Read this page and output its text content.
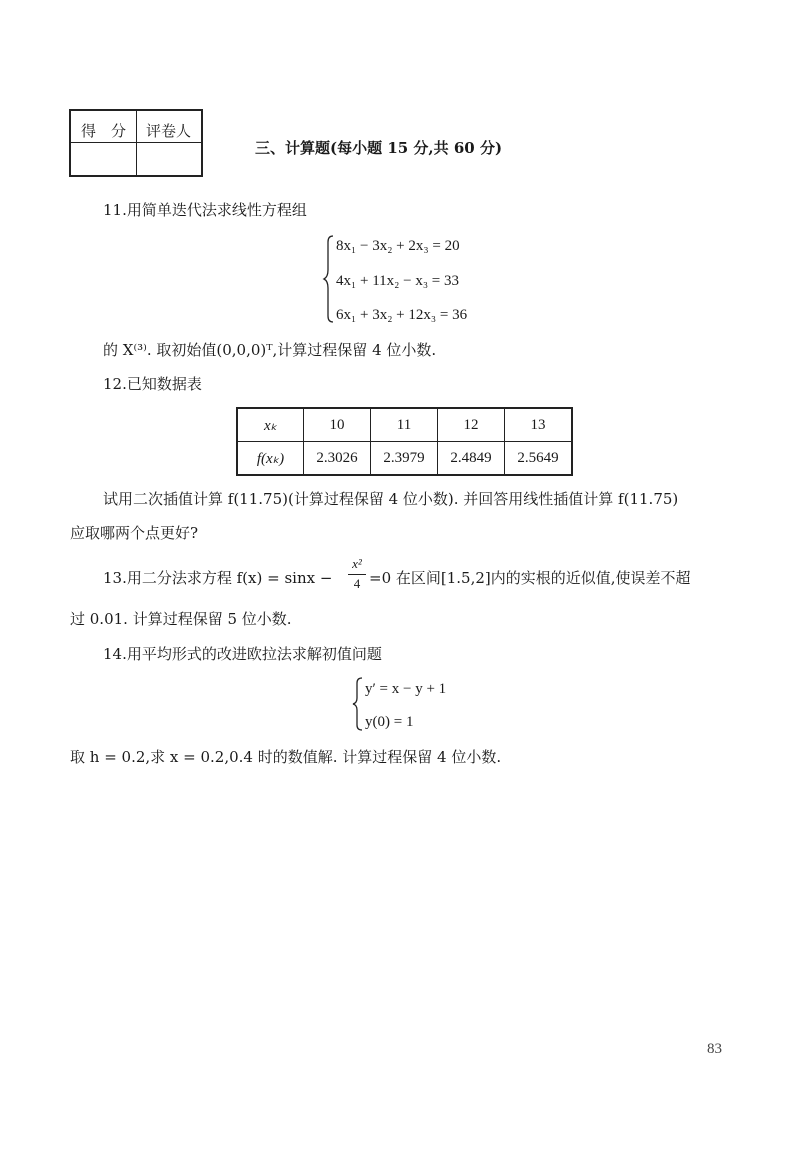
得　分 评卷人
三、计算题(每小题 15 分,共 60 分)
11.用简单迭代法求线性方程组
8x₁ − 3x₂ + 2x₃ = 20
4x₁ + 11x₂ − x₃ = 33
6x₁ + 3x₂ + 12x₃ = 36
的 X⁽³⁾. 取初始值(0,0,0)ᵀ,计算过程保留 4 位小数.
12.已知数据表
xₖ	10	11	12	13
f(xₖ)	2.3026	2.3979	2.4849	2.5649
试用二次插值计算 f(11.75)(计算过程保留 4 位小数). 并回答用线性插值计算 f(11.75)
应取哪两个点更好?
13.用二分法求方程 f(x) = sinx −
x²
4 =0 在区间[1.5,2]内的实根的近似值,使误差不超
过 0.01. 计算过程保留 5 位小数.
14.用平均形式的改进欧拉法求解初值问题
y′ = x − y + 1
y(0) = 1
取 h = 0.2,求 x = 0.2,0.4 时的数值解. 计算过程保留 4 位小数.
83
